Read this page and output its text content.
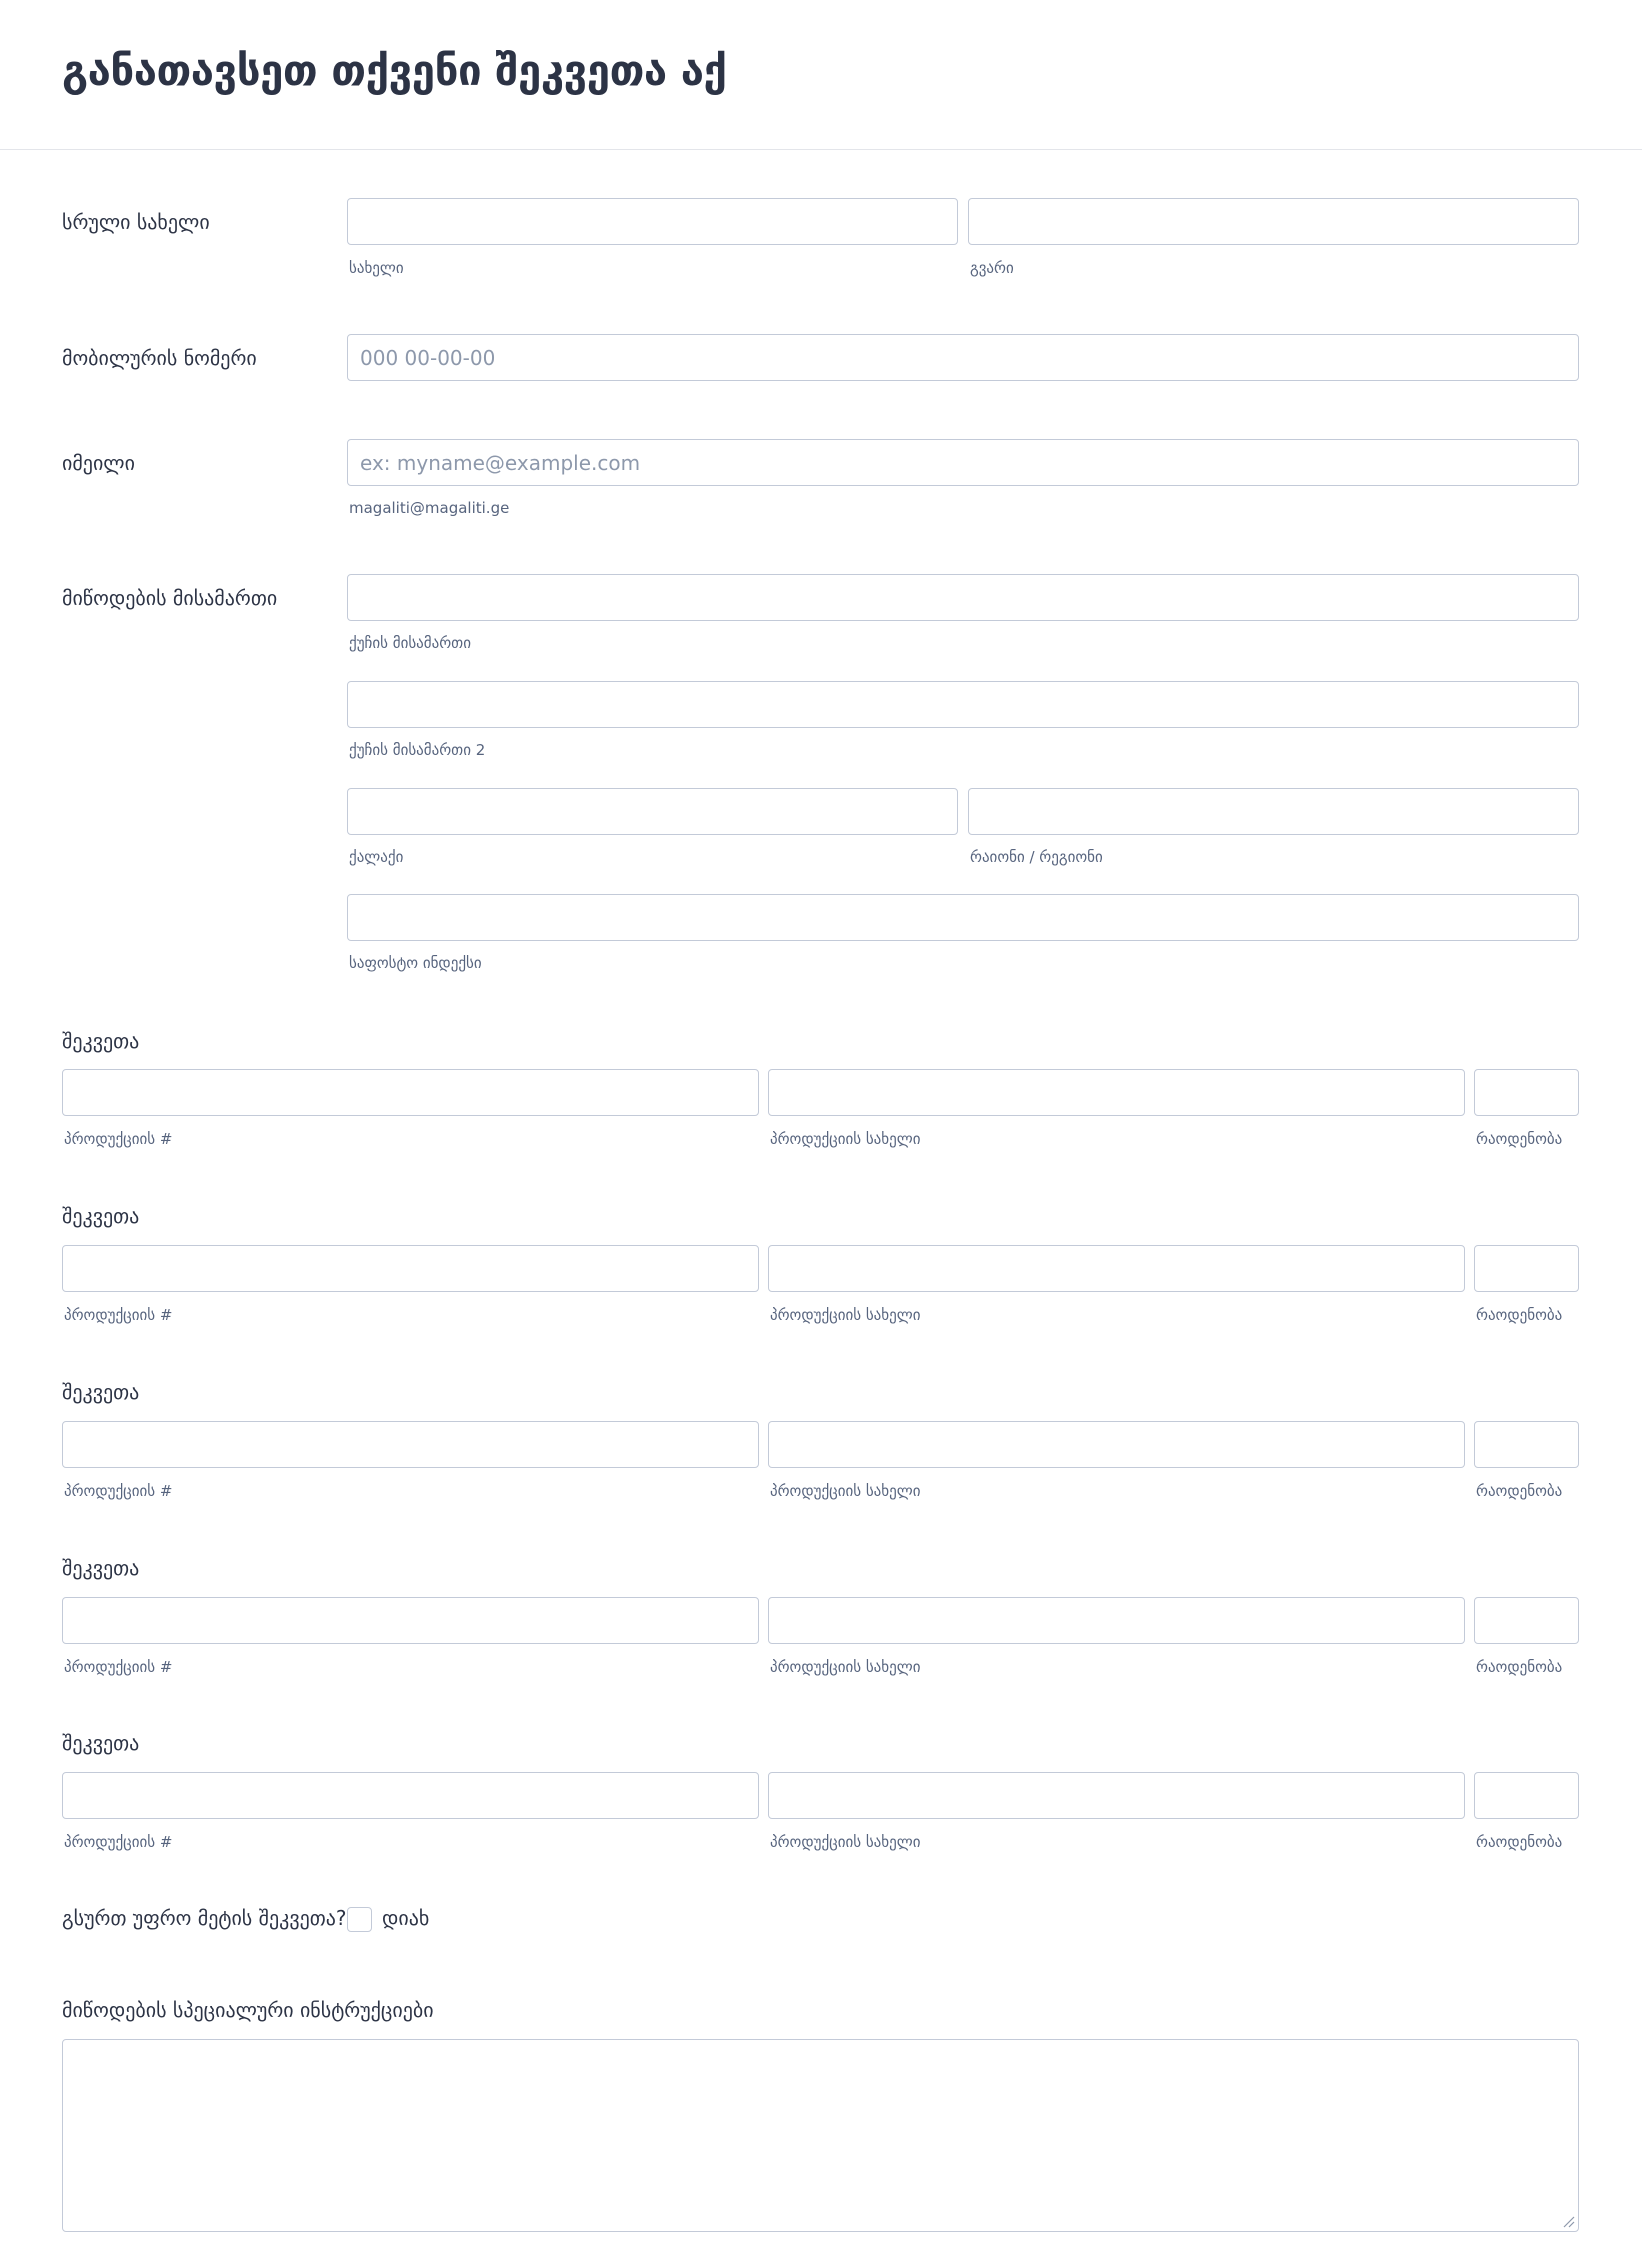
განათავსეთ თქვენი შეკვეთა აქ
სრული სახელი
სახელი	გვარი
მობილურის ნომერი
000 00-00-00
იმეილი
ex: myname@example.com
magaliti@magaliti.ge
მიწოდების მისამართი
ქუჩის მისამართი
ქუჩის მისამართი 2
ქალაქი	რაიონი / რეგიონი
საფოსტო ინდექსი
შეკვეთა
პროდუქციის #	პროდუქციის სახელი	რაოდენობა
შეკვეთა
პროდუქციის #	პროდუქციის სახელი	რაოდენობა
შეკვეთა
პროდუქციის #	პროდუქციის სახელი	რაოდენობა
შეკვეთა
პროდუქციის #	პროდუქციის სახელი	რაოდენობა
შეკვეთა
პროდუქციის #	პროდუქციის სახელი	რაოდენობა
გსურთ უფრო მეტის შეკვეთა? დიახ
მიწოდების სპეციალური ინსტრუქციები
